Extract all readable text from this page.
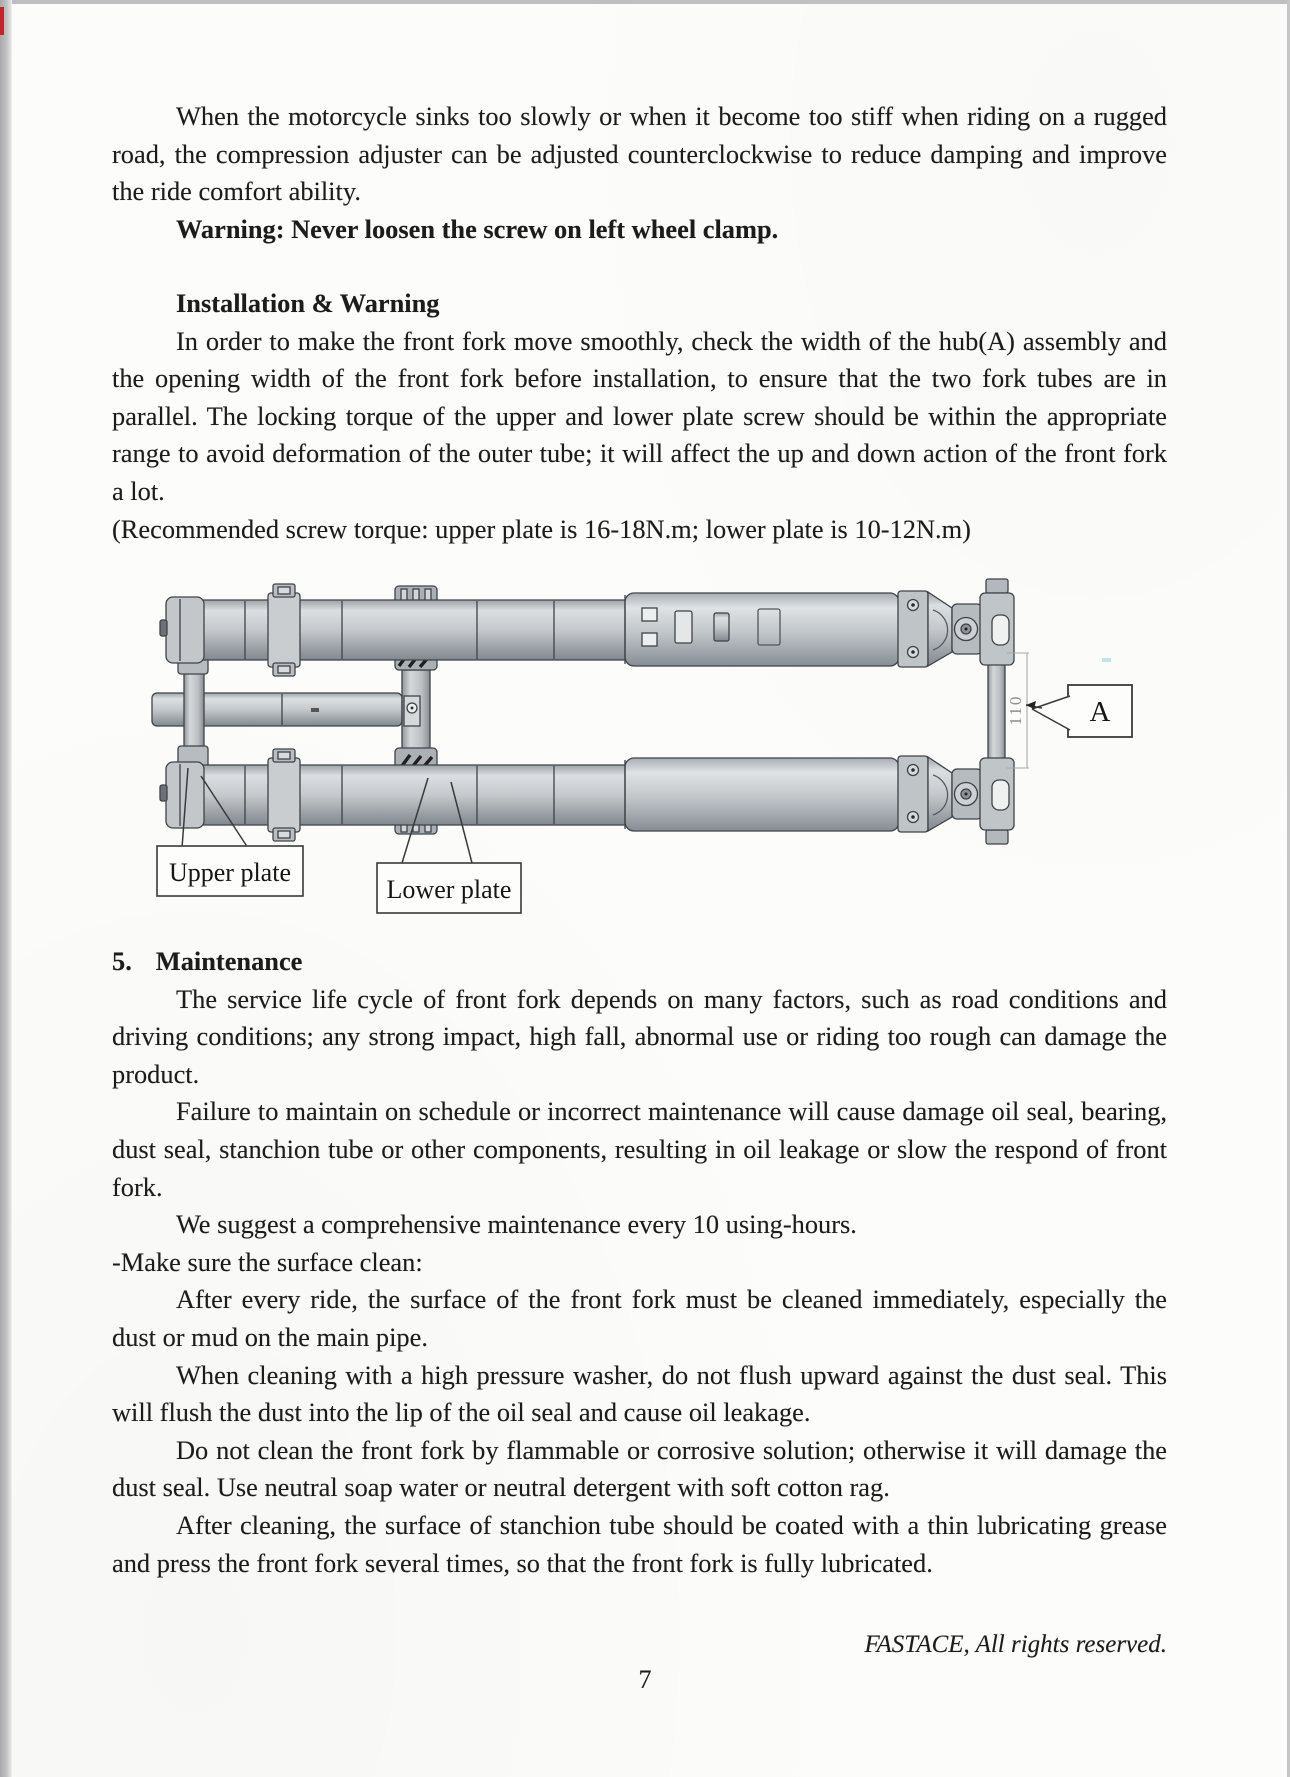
When the motorcycle sinks too slowly or when it become too stiff when riding on a rugged road, the compression adjuster can be adjusted counterclockwise to reduce damping and improve the ride comfort ability.

Warning: Never loosen the screw on left wheel clamp.

Installation & Warning

In order to make the front fork move smoothly, check the width of the hub(A) assembly and the opening width of the front fork before installation, to ensure that the two fork tubes are in parallel. The locking torque of the upper and lower plate screw should be within the appropriate range to avoid deformation of the outer tube; it will affect the up and down action of the front fork a lot.

(Recommended screw torque: upper plate is 16-18N.m; lower plate is 10-12N.m)

110 A
Upper plate
Lower plate

5. Maintenance

The service life cycle of front fork depends on many factors, such as road conditions and driving conditions; any strong impact, high fall, abnormal use or riding too rough can damage the product.

Failure to maintain on schedule or incorrect maintenance will cause damage oil seal, bearing, dust seal, stanchion tube or other components, resulting in oil leakage or slow the respond of front fork.

We suggest a comprehensive maintenance every 10 using-hours.

-Make sure the surface clean:

After every ride, the surface of the front fork must be cleaned immediately, especially the dust or mud on the main pipe.

When cleaning with a high pressure washer, do not flush upward against the dust seal. This will flush the dust into the lip of the oil seal and cause oil leakage.

Do not clean the front fork by flammable or corrosive solution; otherwise it will damage the dust seal. Use neutral soap water or neutral detergent with soft cotton rag.

After cleaning, the surface of stanchion tube should be coated with a thin lubricating grease and press the front fork several times, so that the front fork is fully lubricated.

FASTACE, All rights reserved.

7
